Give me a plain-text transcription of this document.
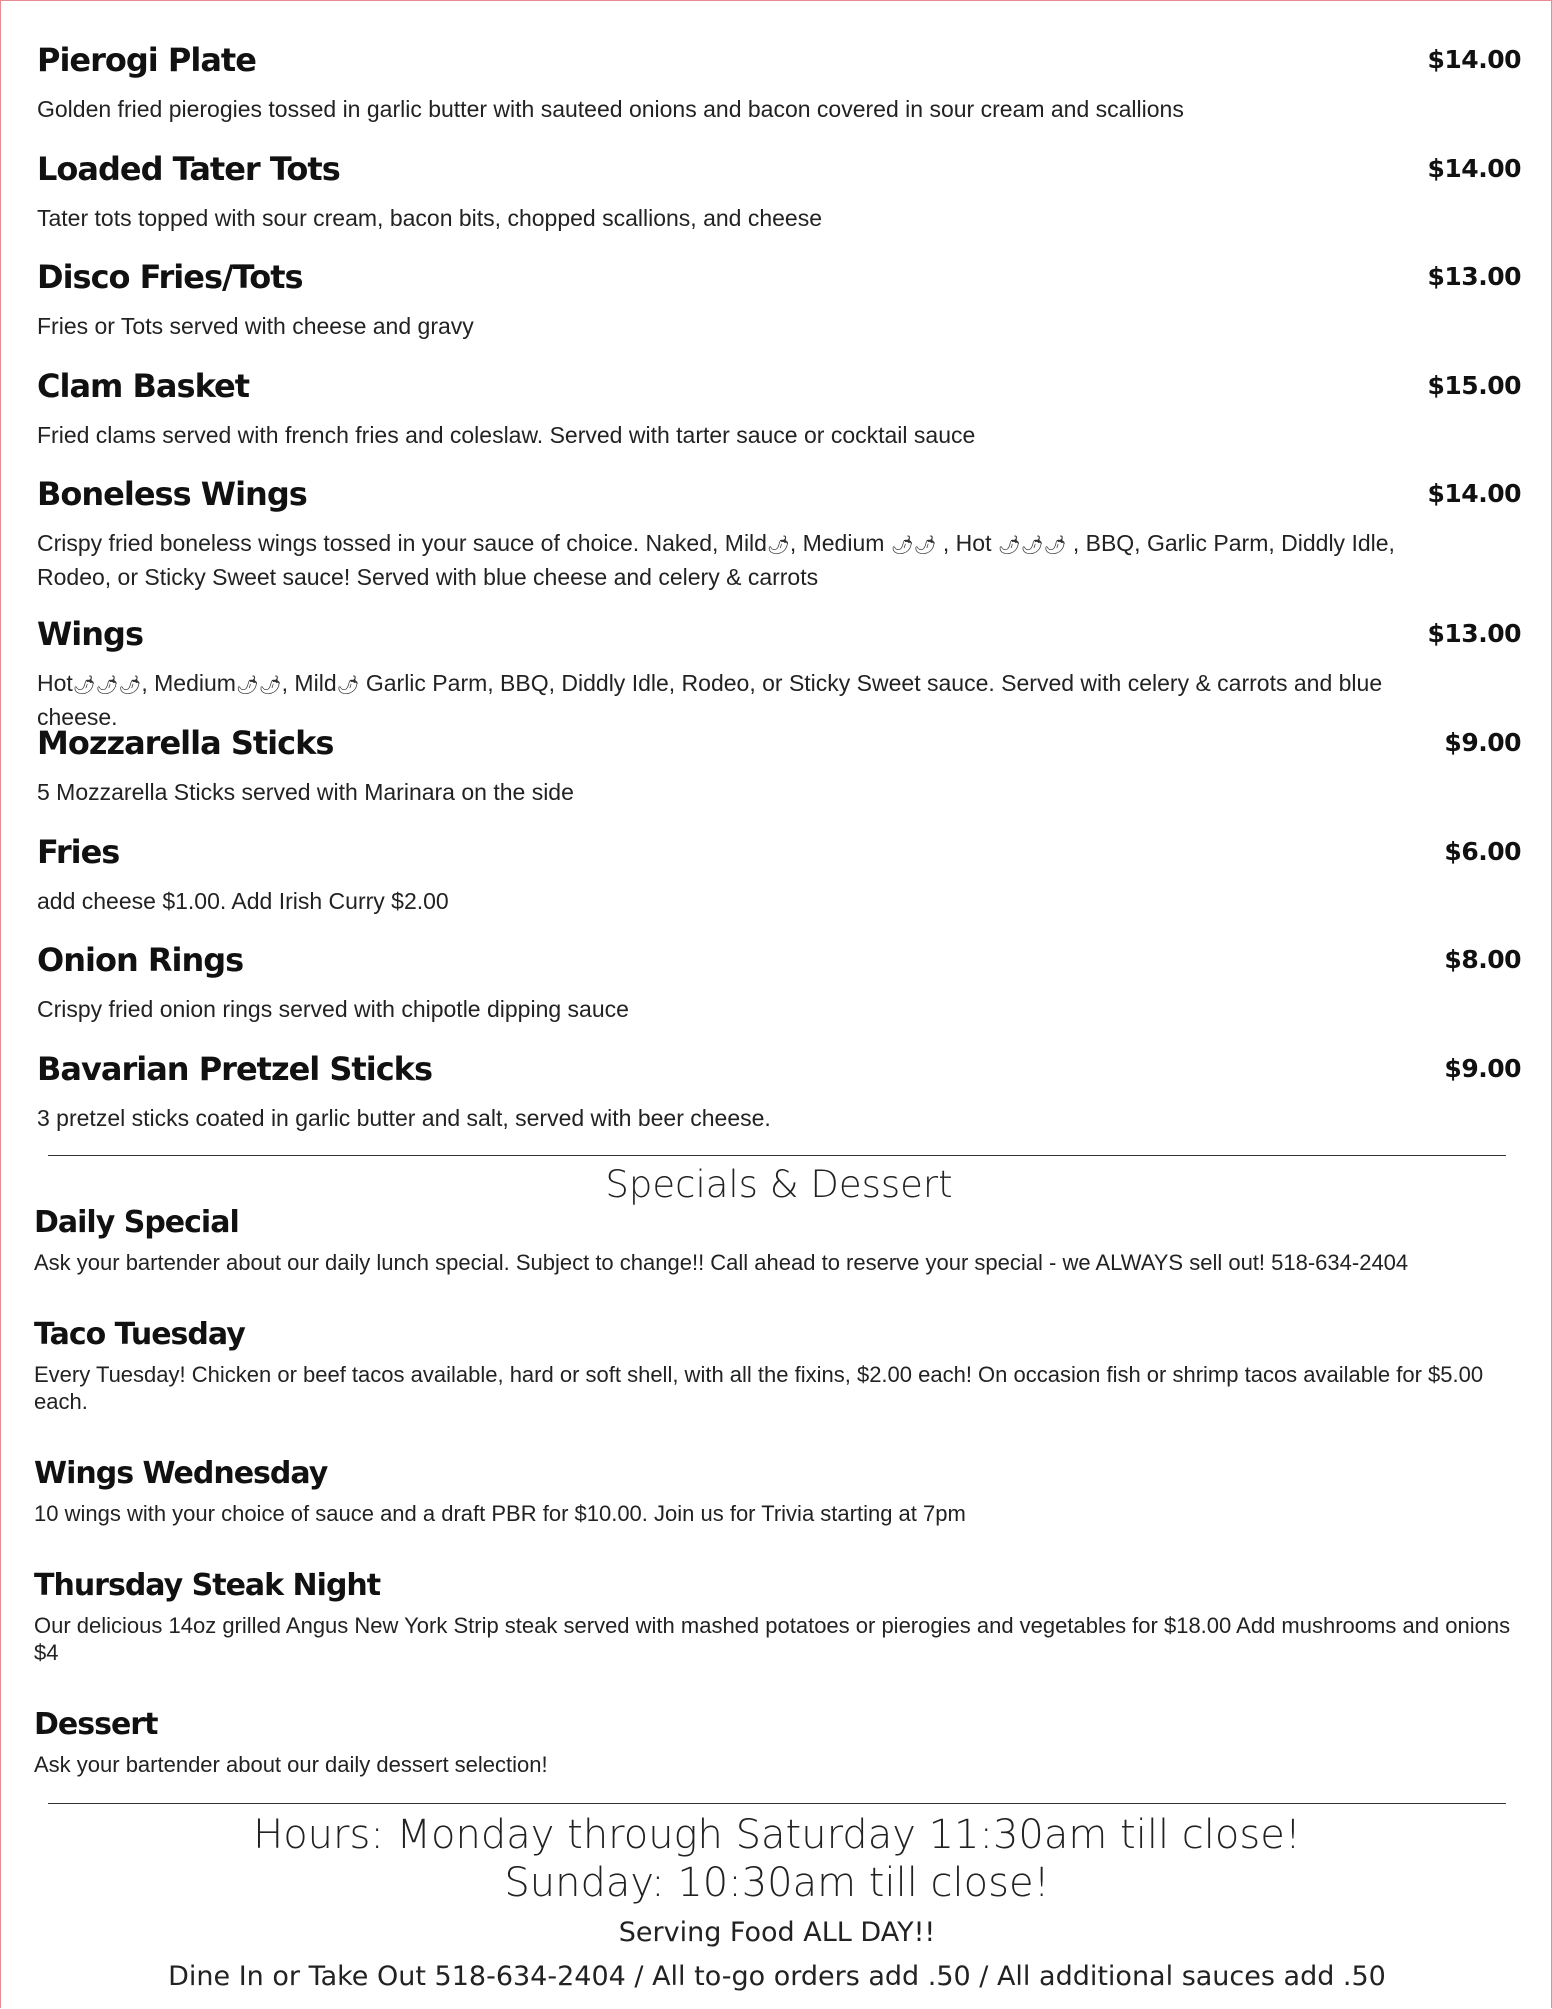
Pierogi Plate	$14.00
Golden fried pierogies tossed in garlic butter with sauteed onions and bacon covered in sour cream and scallions
Loaded Tater Tots	$14.00
Tater tots topped with sour cream, bacon bits, chopped scallions, and cheese
Disco Fries/Tots	$13.00
Fries or Tots served with cheese and gravy
Clam Basket	$15.00
Fried clams served with french fries and coleslaw. Served with tarter sauce or cocktail sauce
Boneless Wings	$14.00
Crispy fried boneless wings tossed in your sauce of choice. Naked, Mild🌶, Medium 🌶🌶 , Hot 🌶🌶🌶 , BBQ, Garlic Parm, Diddly Idle, Rodeo, or Sticky Sweet sauce! Served with blue cheese and celery & carrots
Wings	$13.00
Hot🌶🌶🌶, Medium🌶🌶, Mild🌶 Garlic Parm, BBQ, Diddly Idle, Rodeo, or Sticky Sweet sauce. Served with celery & carrots and blue cheese.
Mozzarella Sticks	$9.00
5 Mozzarella Sticks served with Marinara on the side
Fries	$6.00
add cheese $1.00. Add Irish Curry $2.00
Onion Rings	$8.00
Crispy fried onion rings served with chipotle dipping sauce
Bavarian Pretzel Sticks	$9.00
3 pretzel sticks coated in garlic butter and salt, served with beer cheese.
Specials & Dessert
Daily Special
Ask your bartender about our daily lunch special. Subject to change!! Call ahead to reserve your special - we ALWAYS sell out! 518-634-2404
Taco Tuesday
Every Tuesday! Chicken or beef tacos available, hard or soft shell, with all the fixins, $2.00 each! On occasion fish or shrimp tacos available for $5.00 each.
Wings Wednesday
10 wings with your choice of sauce and a draft PBR for $10.00. Join us for Trivia starting at 7pm
Thursday Steak Night
Our delicious 14oz grilled Angus New York Strip steak served with mashed potatoes or pierogies and vegetables for $18.00 Add mushrooms and onions $4
Dessert
Ask your bartender about our daily dessert selection!
Hours: Monday through Saturday 11:30am till close!
Sunday: 10:30am till close!
Serving Food ALL DAY!!
Dine In or Take Out 518-634-2404 / All to-go orders add .50 / All additional sauces add .50
